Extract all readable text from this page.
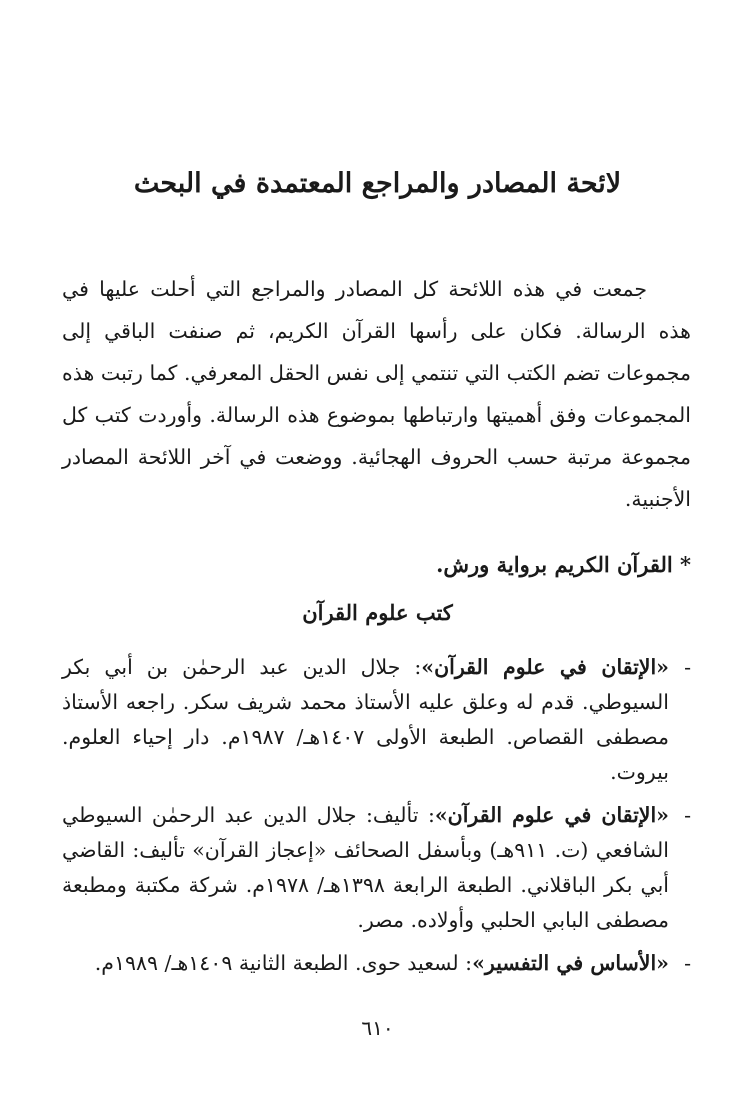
لائحة المصادر والمراجع المعتمدة في البحث

جمعت في هذه اللائحة كل المصادر والمراجع التي أحلت عليها في هذه الرسالة. فكان على رأسها القرآن الكريم، ثم صنفت الباقي إلى مجموعات تضم الكتب التي تنتمي إلى نفس الحقل المعرفي. كما رتبت هذه المجموعات وفق أهميتها وارتباطها بموضوع هذه الرسالة. وأوردت كتب كل مجموعة مرتبة حسب الحروف الهجائية. ووضعت في آخر اللائحة المصادر الأجنبية.

* القرآن الكريم برواية ورش.

كتب علوم القرآن
-
«الإتقان في علوم القرآن»: جلال الدين عبد الرحمٰن بن أبي بكر السيوطي. قدم له وعلق عليه الأستاذ محمد شريف سكر. راجعه الأستاذ مصطفى القصاص. الطبعة الأولى ١٤٠٧هـ/ ١٩٨٧م. دار إحياء العلوم. بيروت.
-
«الإتقان في علوم القرآن»: تأليف: جلال الدين عبد الرحمٰن السيوطي الشافعي (ت. ٩١١هـ) وبأسفل الصحائف «إعجاز القرآن» تأليف: القاضي أبي بكر الباقلاني. الطبعة الرابعة ١٣٩٨هـ/ ١٩٧٨م. شركة مكتبة ومطبعة مصطفى البابي الحلبي وأولاده. مصر.
-
«الأساس في التفسير»: لسعيد حوى. الطبعة الثانية ١٤٠٩هـ/ ١٩٨٩م.

٦١٠
